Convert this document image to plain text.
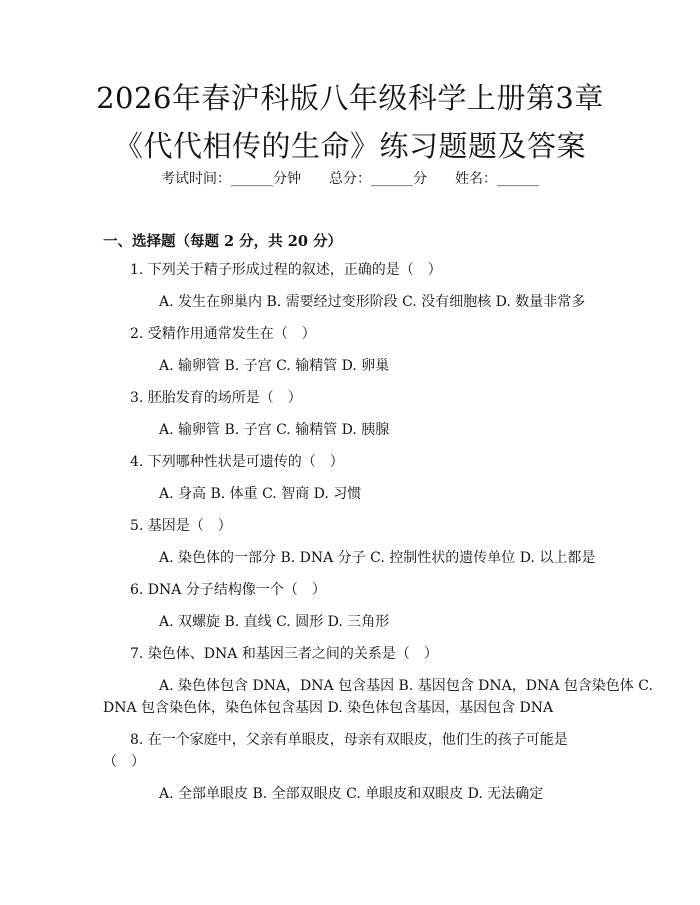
2026年春沪科版八年级科学上册第3章《代代相传的生命》练习题题及答案
考试时间：______分钟　　总分：______分　　姓名：______
一、选择题（每题 2 分，共 20 分）
1. 下列关于精子形成过程的叙述，正确的是（　）
A. 发生在卵巢内 B. 需要经过变形阶段 C. 没有细胞核 D. 数量非常多
2. 受精作用通常发生在（　）
A. 输卵管 B. 子宫 C. 输精管 D. 卵巢
3. 胚胎发育的场所是（　）
A. 输卵管 B. 子宫 C. 输精管 D. 胰腺
4. 下列哪种性状是可遗传的（　）
A. 身高 B. 体重 C. 智商 D. 习惯
5. 基因是（　）
A. 染色体的一部分 B. DNA 分子 C. 控制性状的遗传单位 D. 以上都是
6. DNA 分子结构像一个（　）
A. 双螺旋 B. 直线 C. 圆形 D. 三角形
7. 染色体、DNA 和基因三者之间的关系是（　）
A. 染色体包含 DNA，DNA 包含基因 B. 基因包含 DNA，DNA 包含染色体 C.
DNA 包含染色体，染色体包含基因 D. 染色体包含基因，基因包含 DNA
8. 在一个家庭中，父亲有单眼皮，母亲有双眼皮，他们生的孩子可能是
（　）
A. 全部单眼皮 B. 全部双眼皮 C. 单眼皮和双眼皮 D. 无法确定
